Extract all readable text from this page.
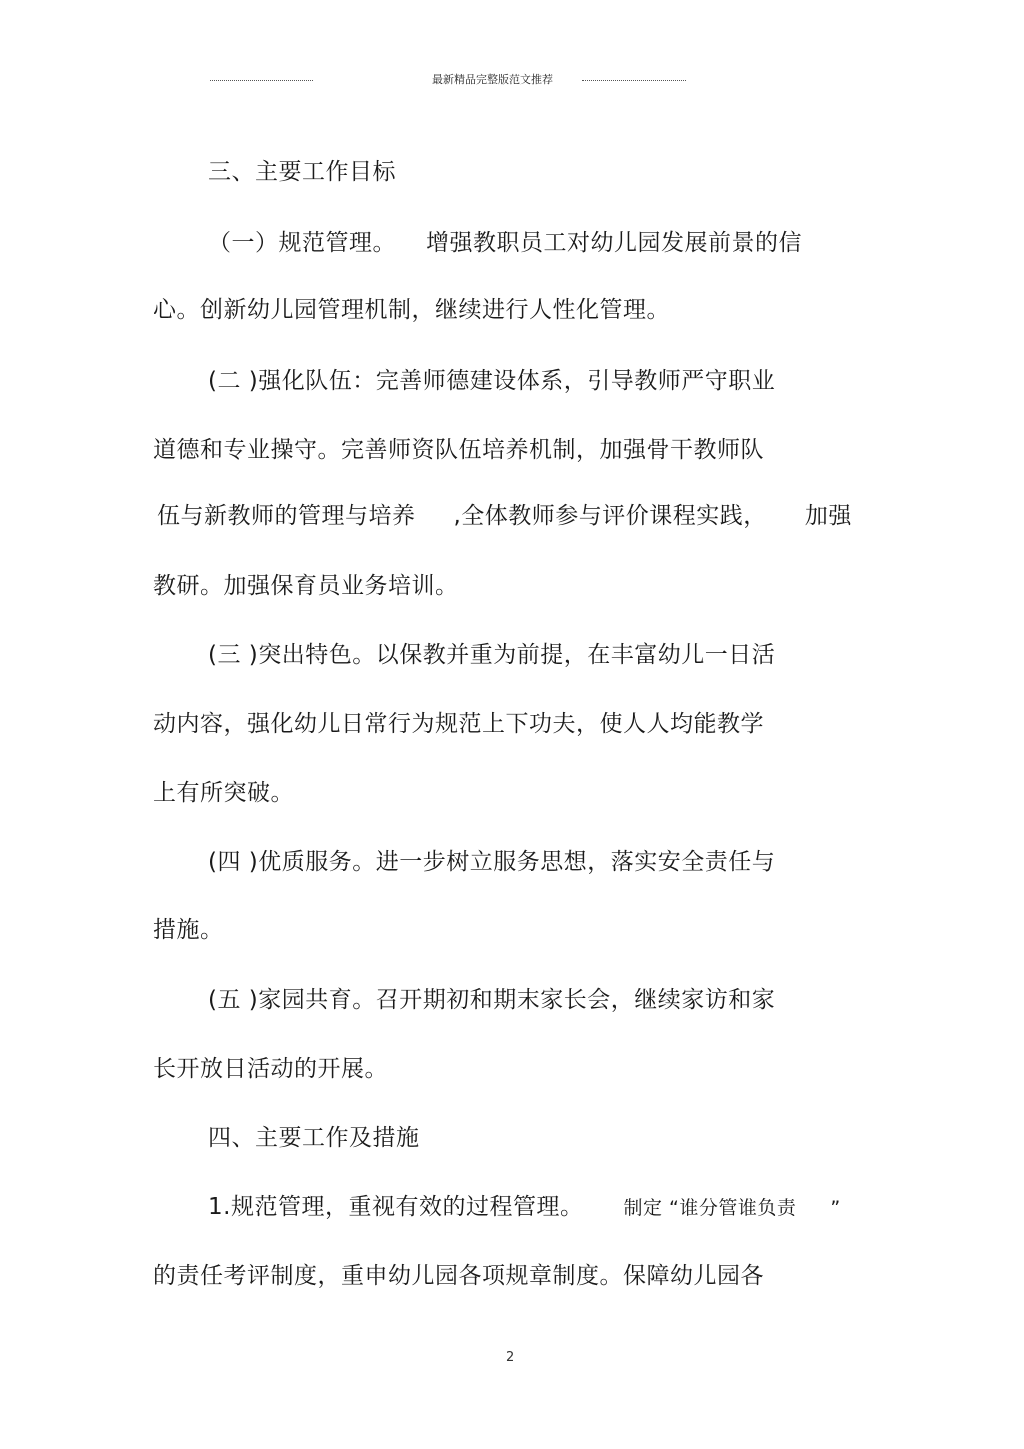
最新精品完整版范文推荐
三、主要工作目标
（一）规范管理。 增强教职员工对幼儿园发展前景的信
心。创新幼儿园管理机制，继续进行人性化管理。
(二 )强化队伍：完善师德建设体系，引导教师严守职业
道德和专业操守。完善师资队伍培养机制，加强骨干教师队
伍与新教师的管理与培养 ,全体教师参与评价课程实践， 加强
教研。加强保育员业务培训。
(三 )突出特色。以保教并重为前提，在丰富幼儿一日活
动内容，强化幼儿日常行为规范上下功夫，使人人均能教学
上有所突破。
(四 )优质服务。进一步树立服务思想，落实安全责任与
措施。
(五 )家园共育。召开期初和期末家长会，继续家访和家
长开放日活动的开展。
四、主要工作及措施
1.规范管理，重视有效的过程管理。 制定 “谁分管谁负责 ”
的责任考评制度，重申幼儿园各项规章制度。保障幼儿园各
2
